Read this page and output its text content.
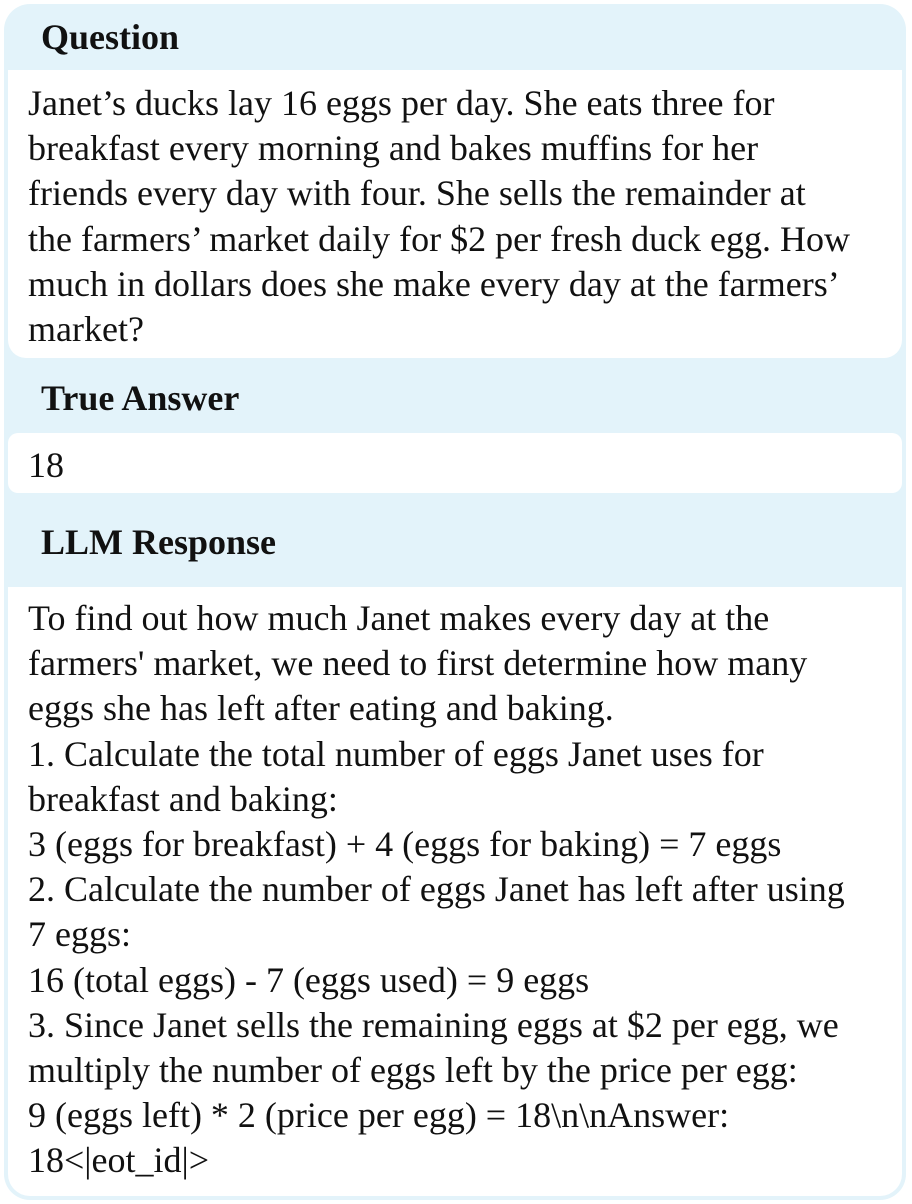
Question
Janet’s ducks lay 16 eggs per day. She eats three for
breakfast every morning and bakes muffins for her
friends every day with four. She sells the remainder at
the farmers’ market daily for $2 per fresh duck egg. How
much in dollars does she make every day at the farmers’
market?
True Answer
18
LLM Response
To find out how much Janet makes every day at the
farmers' market, we need to first determine how many
eggs she has left after eating and baking.
1. Calculate the total number of eggs Janet uses for
breakfast and baking:
3 (eggs for breakfast) + 4 (eggs for baking) = 7 eggs
2. Calculate the number of eggs Janet has left after using
7 eggs:
16 (total eggs) - 7 (eggs used) = 9 eggs
3. Since Janet sells the remaining eggs at $2 per egg, we
multiply the number of eggs left by the price per egg:
9 (eggs left) * 2 (price per egg) = 18\n\nAnswer:
18<|eot_id|>
